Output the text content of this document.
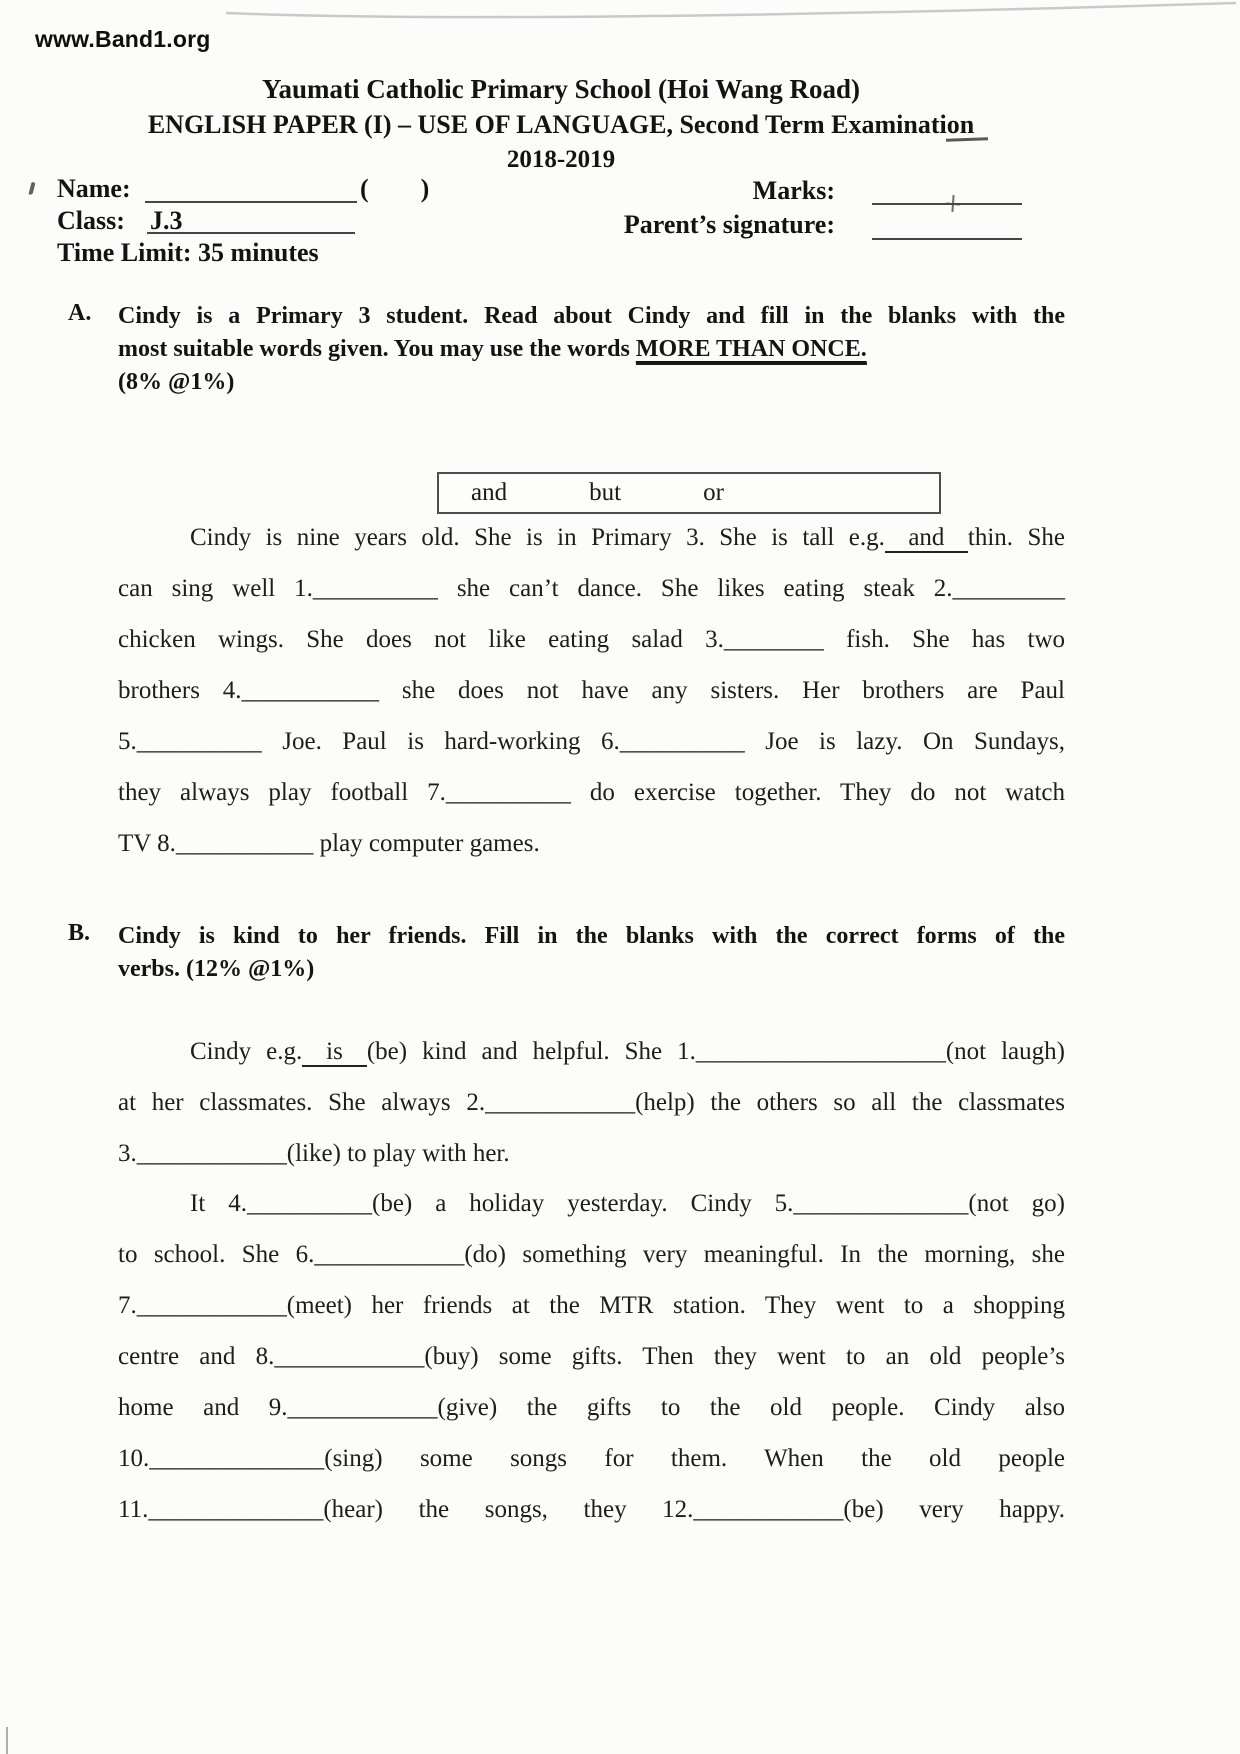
www.Band1.org
Yaumati Catholic Primary School (Hoi Wang Road)
ENGLISH PAPER (I) – USE OF LANGUAGE, Second Term Examination
2018-2019
Name:	(        )	Marks:
Class: J.3	Parent’s signature:
Time Limit: 35 minutes
A. Cindy is a Primary 3 student. Read about Cindy and fill in the blanks with the
most suitable words given. You may use the words MORE THAN ONCE.
(8% @1%)
and	but	or
Cindy is nine years old. She is in Primary 3. She is tall e.g. and thin. She
can sing well 1.__________ she can’t dance. She likes eating steak 2._________
chicken wings. She does not like eating salad 3.________ fish. She has two
brothers 4.___________ she does not have any sisters. Her brothers are Paul
5.__________ Joe. Paul is hard-working 6.__________ Joe is lazy. On Sundays,
they always play football 7.__________ do exercise together. They do not watch
TV 8.___________ play computer games.
B. Cindy is kind to her friends. Fill in the blanks with the correct forms of the
verbs. (12% @1%)
Cindy e.g. is (be) kind and helpful. She 1.____________________(not laugh)
at her classmates. She always 2.____________(help) the others so all the classmates
3.____________(like) to play with her.
It 4.__________(be) a holiday yesterday. Cindy 5.______________(not go)
to school. She 6.____________(do) something very meaningful. In the morning, she
7.____________(meet) her friends at the MTR station. They went to a shopping
centre and 8.____________(buy) some gifts. Then they went to an old people’s
home and 9.____________(give) the gifts to the old people. Cindy also
10.______________(sing) some songs for them. When the old people
11.______________(hear) the songs, they 12.____________(be) very happy.
